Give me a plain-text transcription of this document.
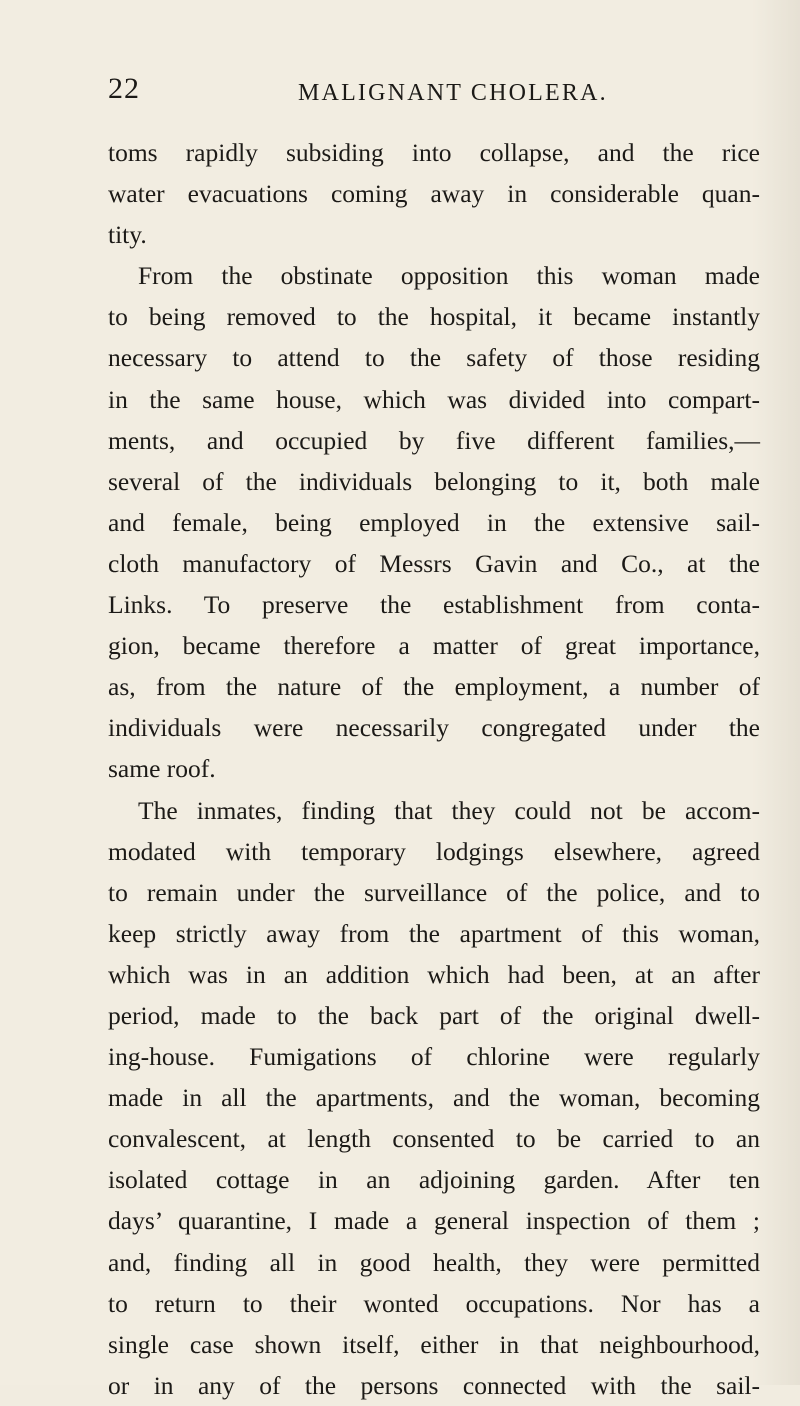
22	MALIGNANT CHOLERA.
toms rapidly subsiding into collapse, and the rice
water evacuations coming away in considerable quan-
tity.
From the obstinate opposition this woman made
to being removed to the hospital, it became instantly
necessary to attend to the safety of those residing
in the same house, which was divided into compart-
ments, and occupied by five different families,—
several of the individuals belonging to it, both male
and female, being employed in the extensive sail-
cloth manufactory of Messrs Gavin and Co., at the
Links. To preserve the establishment from conta-
gion, became therefore a matter of great importance,
as, from the nature of the employment, a number of
individuals were necessarily congregated under the
same roof.
The inmates, finding that they could not be accom-
modated with temporary lodgings elsewhere, agreed
to remain under the surveillance of the police, and to
keep strictly away from the apartment of this woman,
which was in an addition which had been, at an after
period, made to the back part of the original dwell-
ing-house. Fumigations of chlorine were regularly
made in all the apartments, and the woman, becoming
convalescent, at length consented to be carried to an
isolated cottage in an adjoining garden. After ten
days’ quarantine, I made a general inspection of them ;
and, finding all in good health, they were permitted
to return to their wonted occupations. Nor has a
single case shown itself, either in that neighbourhood,
or in any of the persons connected with the sail-
